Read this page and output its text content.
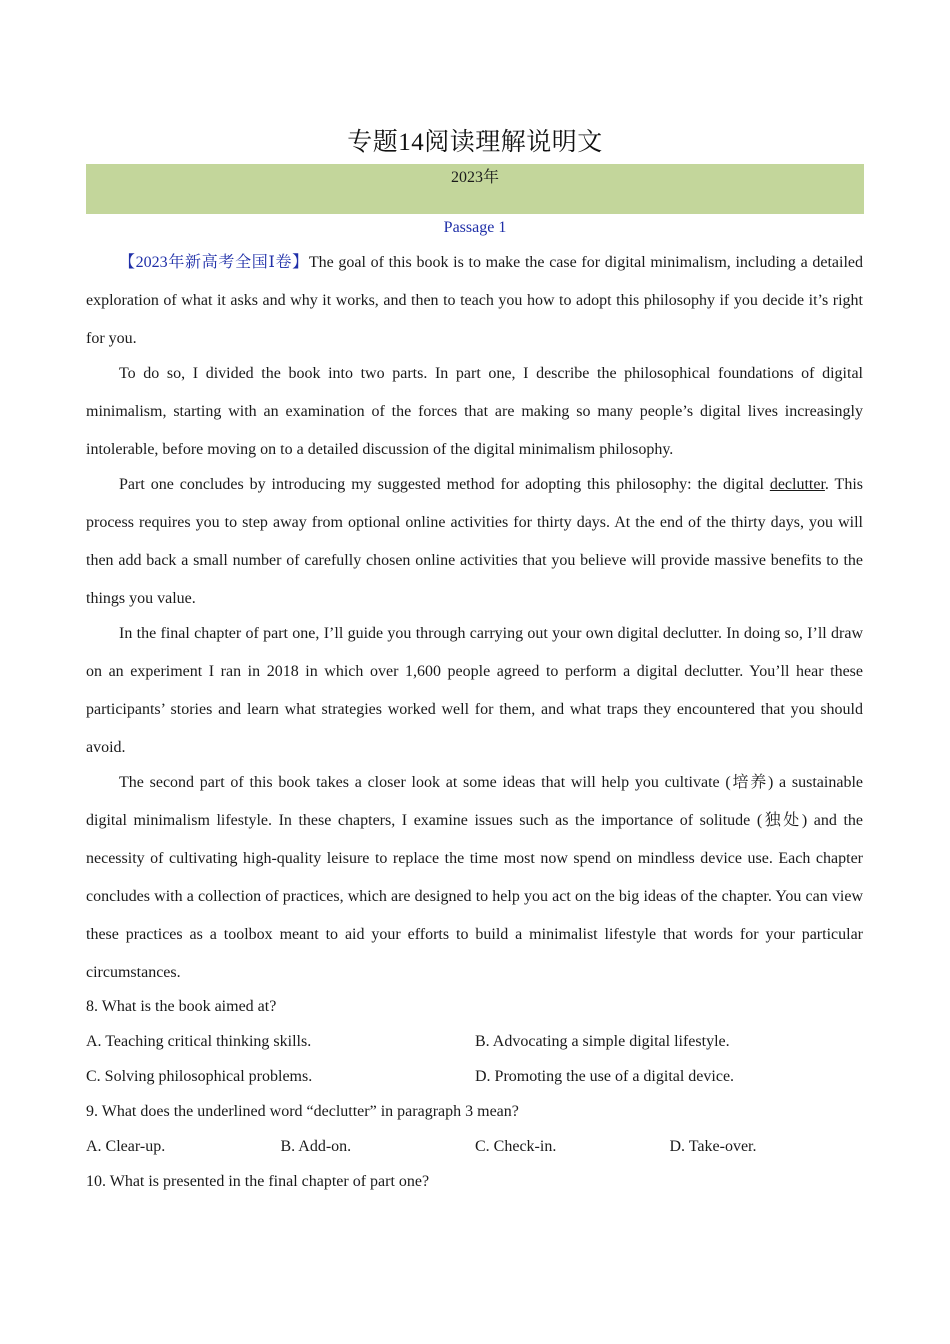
专题14阅读理解说明文
2023年
Passage 1

【2023年新高考全国Ⅰ卷】The goal of this book is to make the case for digital minimalism, including a detailed exploration of what it asks and why it works, and then to teach you how to adopt this philosophy if you decide it’s right for you.

To do so, I divided the book into two parts. In part one, I describe the philosophical foundations of digital minimalism, starting with an examination of the forces that are making so many people’s digital lives increasingly intolerable, before moving on to a detailed discussion of the digital minimalism philosophy.

Part one concludes by introducing my suggested method for adopting this philosophy: the digital declutter. This process requires you to step away from optional online activities for thirty days. At the end of the thirty days, you will then add back a small number of carefully chosen online activities that you believe will provide massive benefits to the things you value.

In the final chapter of part one, I’ll guide you through carrying out your own digital declutter. In doing so, I’ll draw on an experiment I ran in 2018 in which over 1,600 people agreed to perform a digital declutter. You’ll hear these participants’ stories and learn what strategies worked well for them, and what traps they encountered that you should avoid.

The second part of this book takes a closer look at some ideas that will help you cultivate (培养) a sustainable digital minimalism lifestyle. In these chapters, I examine issues such as the importance of solitude (独处) and the necessity of cultivating high-quality leisure to replace the time most now spend on mindless device use. Each chapter concludes with a collection of practices, which are designed to help you act on the big ideas of the chapter. You can view these practices as a toolbox meant to aid your efforts to build a minimalist lifestyle that words for your particular circumstances.

8. What is the book aimed at?

A. Teaching critical thinking skills.	B. Advocating a simple digital lifestyle.
C. Solving philosophical problems.	D. Promoting the use of a digital device.

9. What does the underlined word “declutter” in paragraph 3 mean?

A. Clear-up.	B. Add-on.	C. Check-in.	D. Take-over.

10. What is presented in the final chapter of part one?
